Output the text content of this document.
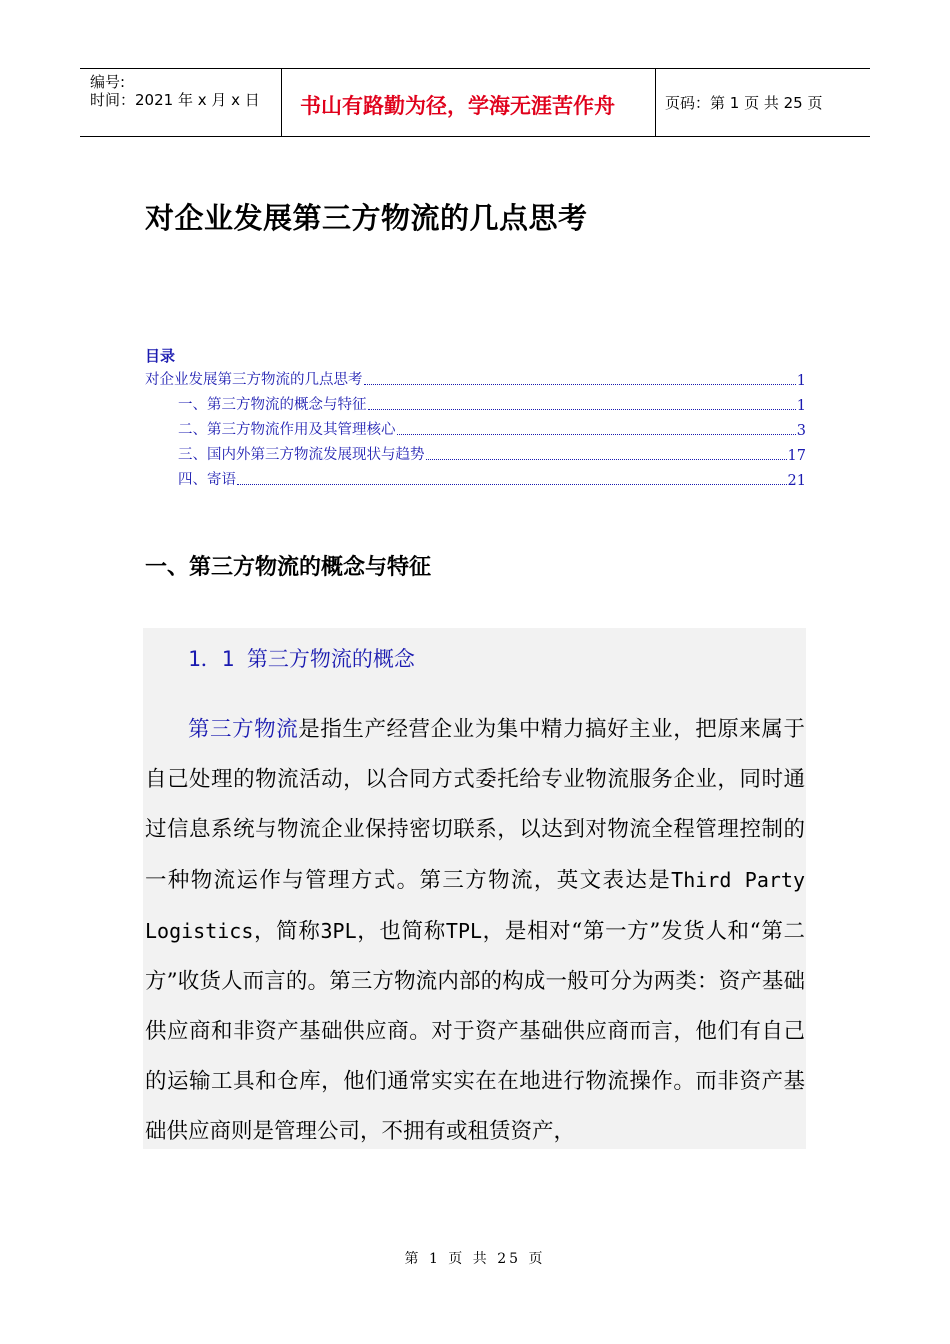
编号:
时间：2021 年 x 月 x 日 书山有路勤为径，学海无涯苦作舟	页码：第 1 页 共 25 页
对企业发展第三方物流的几点思考
目录
对企业发展第三方物流的几点思考	1
一、第三方物流的概念与特征	1
二、第三方物流作用及其管理核心	3
三、国内外第三方物流发展现状与趋势	17
四、寄语	21
一、第三方物流的概念与特征
1．1 第三方物流的概念
第三方物流是指生产经营企业为集中精力搞好主业，把原来属于自己处理的物流活动，以合同方式委托给专业物流服务企业，同时通过信息系统与物流企业保持密切联系，以达到对物流全程管理控制的一种物流运作与管理方式。第三方物流，英文表达是Third Party Logistics，简称3PL，也简称TPL，是相对“第一方”发货人和“第二方”收货人而言的。第三方物流内部的构成一般可分为两类：资产基础供应商和非资产基础供应商。对于资产基础供应商而言，他们有自己的运输工具和仓库，他们通常实实在在地进行物流操作。而非资产基础供应商则是管理公司，不拥有或租赁资产，
第 1 页 共 25 页
